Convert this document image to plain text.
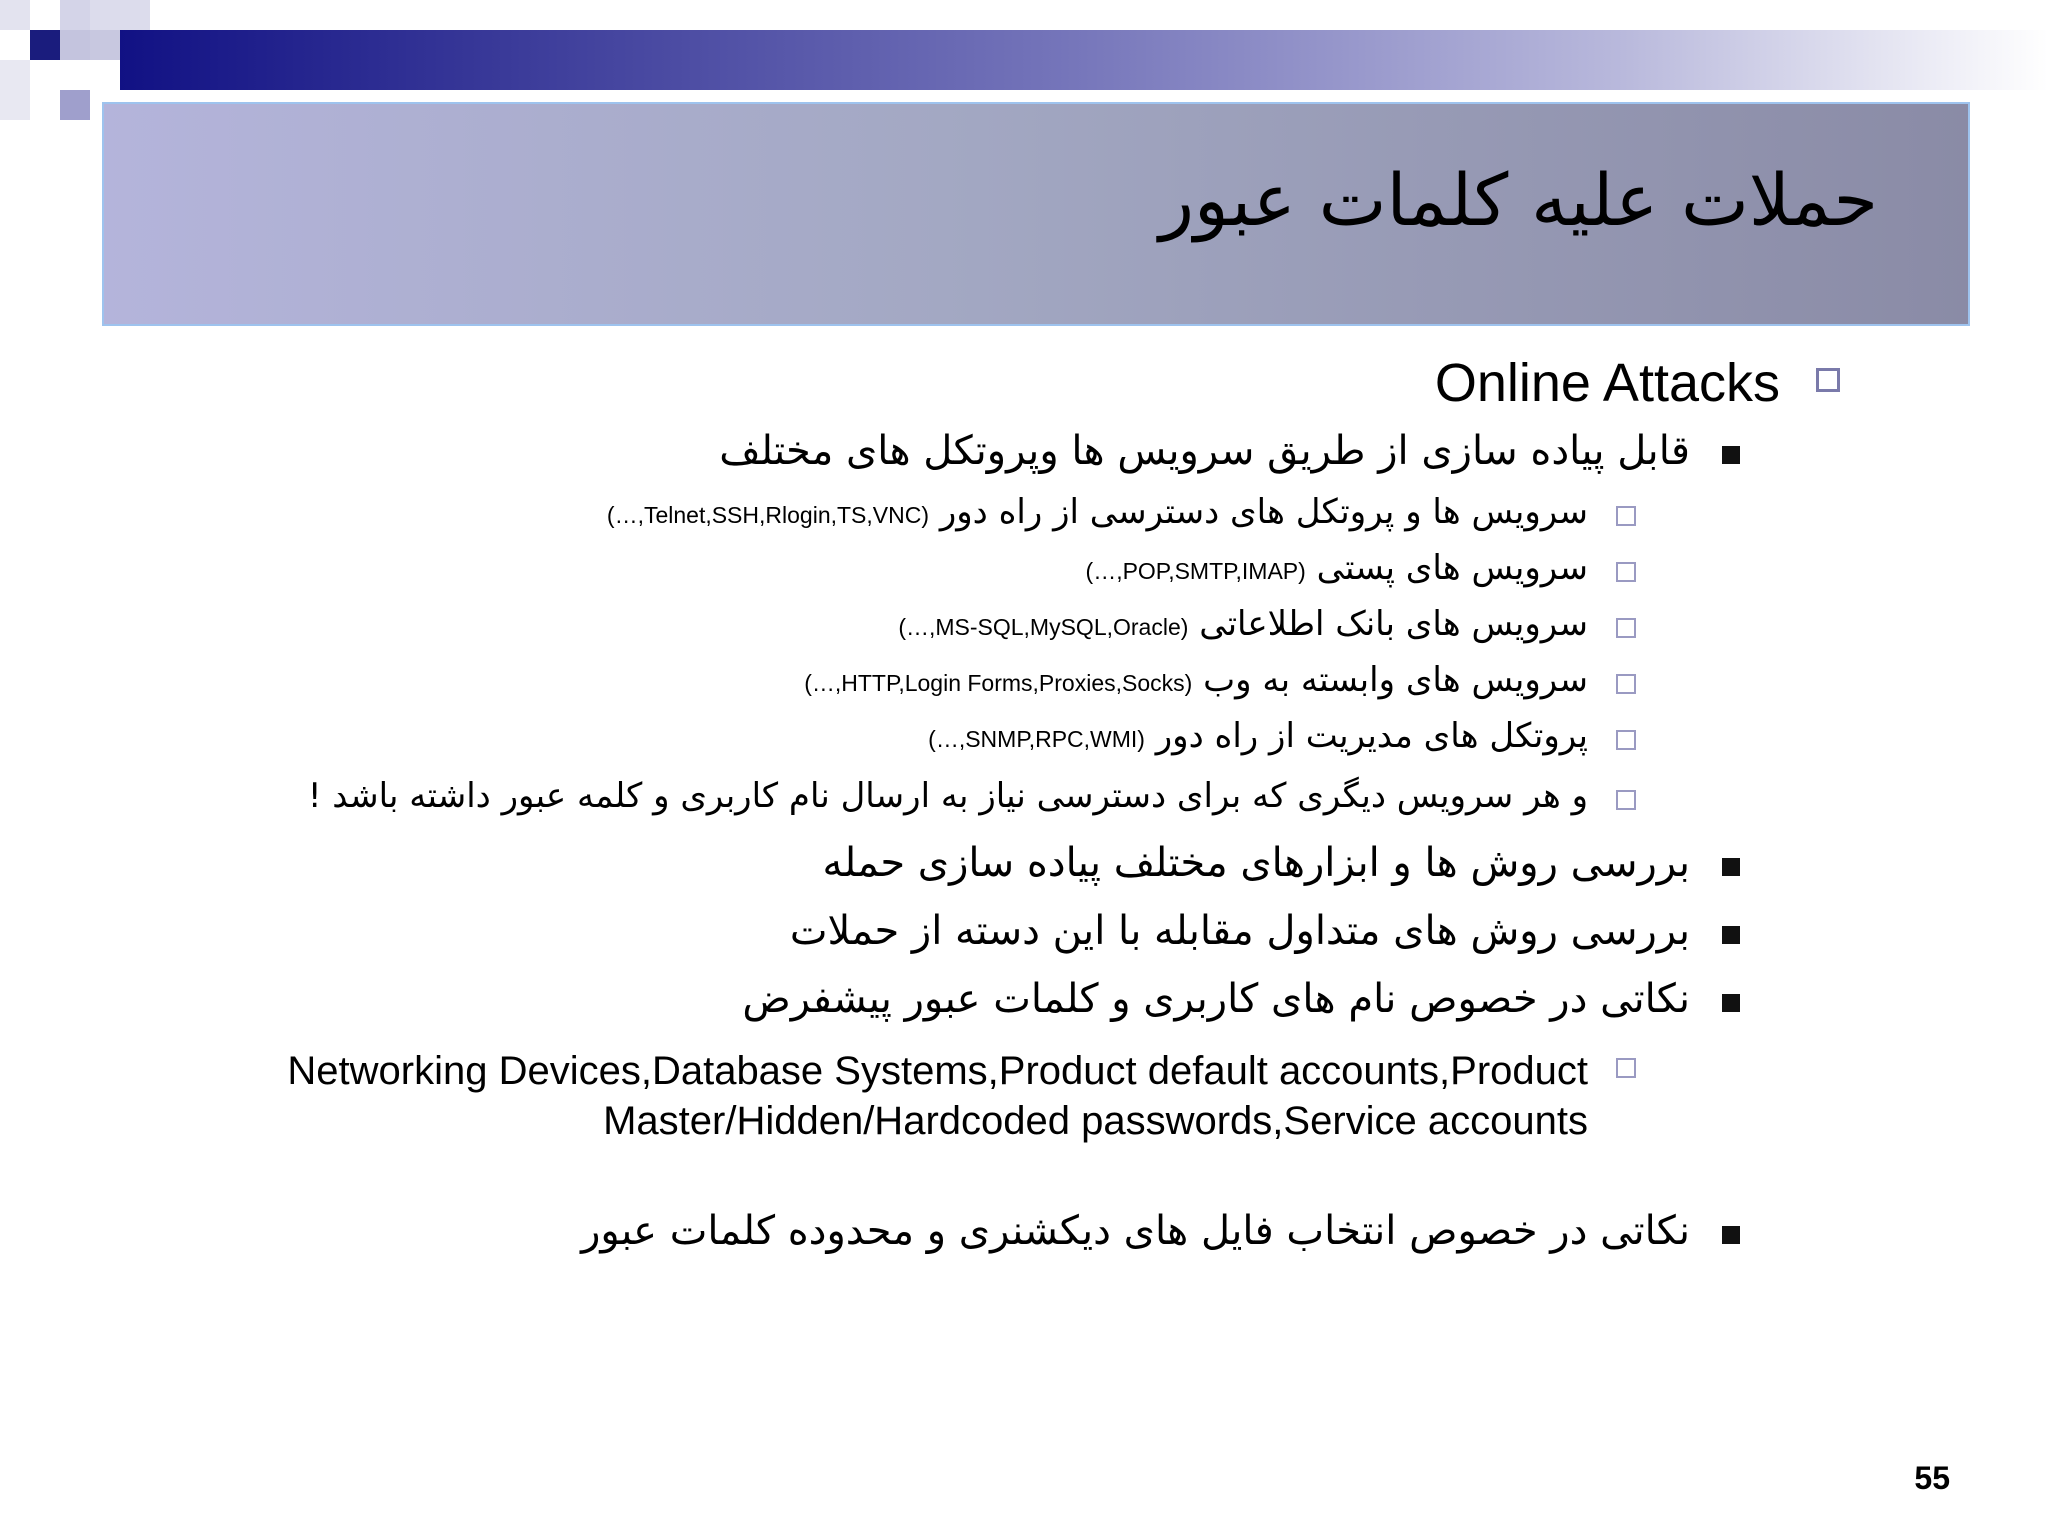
حملات علیه کلمات عبور
Online Attacks
قابل پیاده سازی از طریق سرویس ها وپروتکل های مختلف
سرویس ها و پروتکل های دسترسی از راه دور (…,Telnet,SSH,Rlogin,TS,VNC)
سرویس های پستی (…,POP,SMTP,IMAP)
سرویس های بانک اطلاعاتی (…,MS-SQL,MySQL,Oracle)
سرویس های وابسته به وب (…,HTTP,Login Forms,Proxies,Socks)
پروتکل های مدیریت از راه دور (…,SNMP,RPC,WMI)
و هر سرویس دیگری که برای دسترسی نیاز به ارسال نام کاربری و کلمه عبور داشته باشد !
بررسی روش ها و ابزارهای مختلف پیاده سازی حمله
بررسی روش های متداول مقابله با این دسته از حملات
نکاتی در خصوص نام های کاربری و کلمات عبور پیشفرض
Networking Devices,Database Systems,Product default accounts,Product Master/Hidden/Hardcoded passwords,Service accounts
نکاتی در خصوص انتخاب فایل های دیکشنری و محدوده کلمات عبور
55
